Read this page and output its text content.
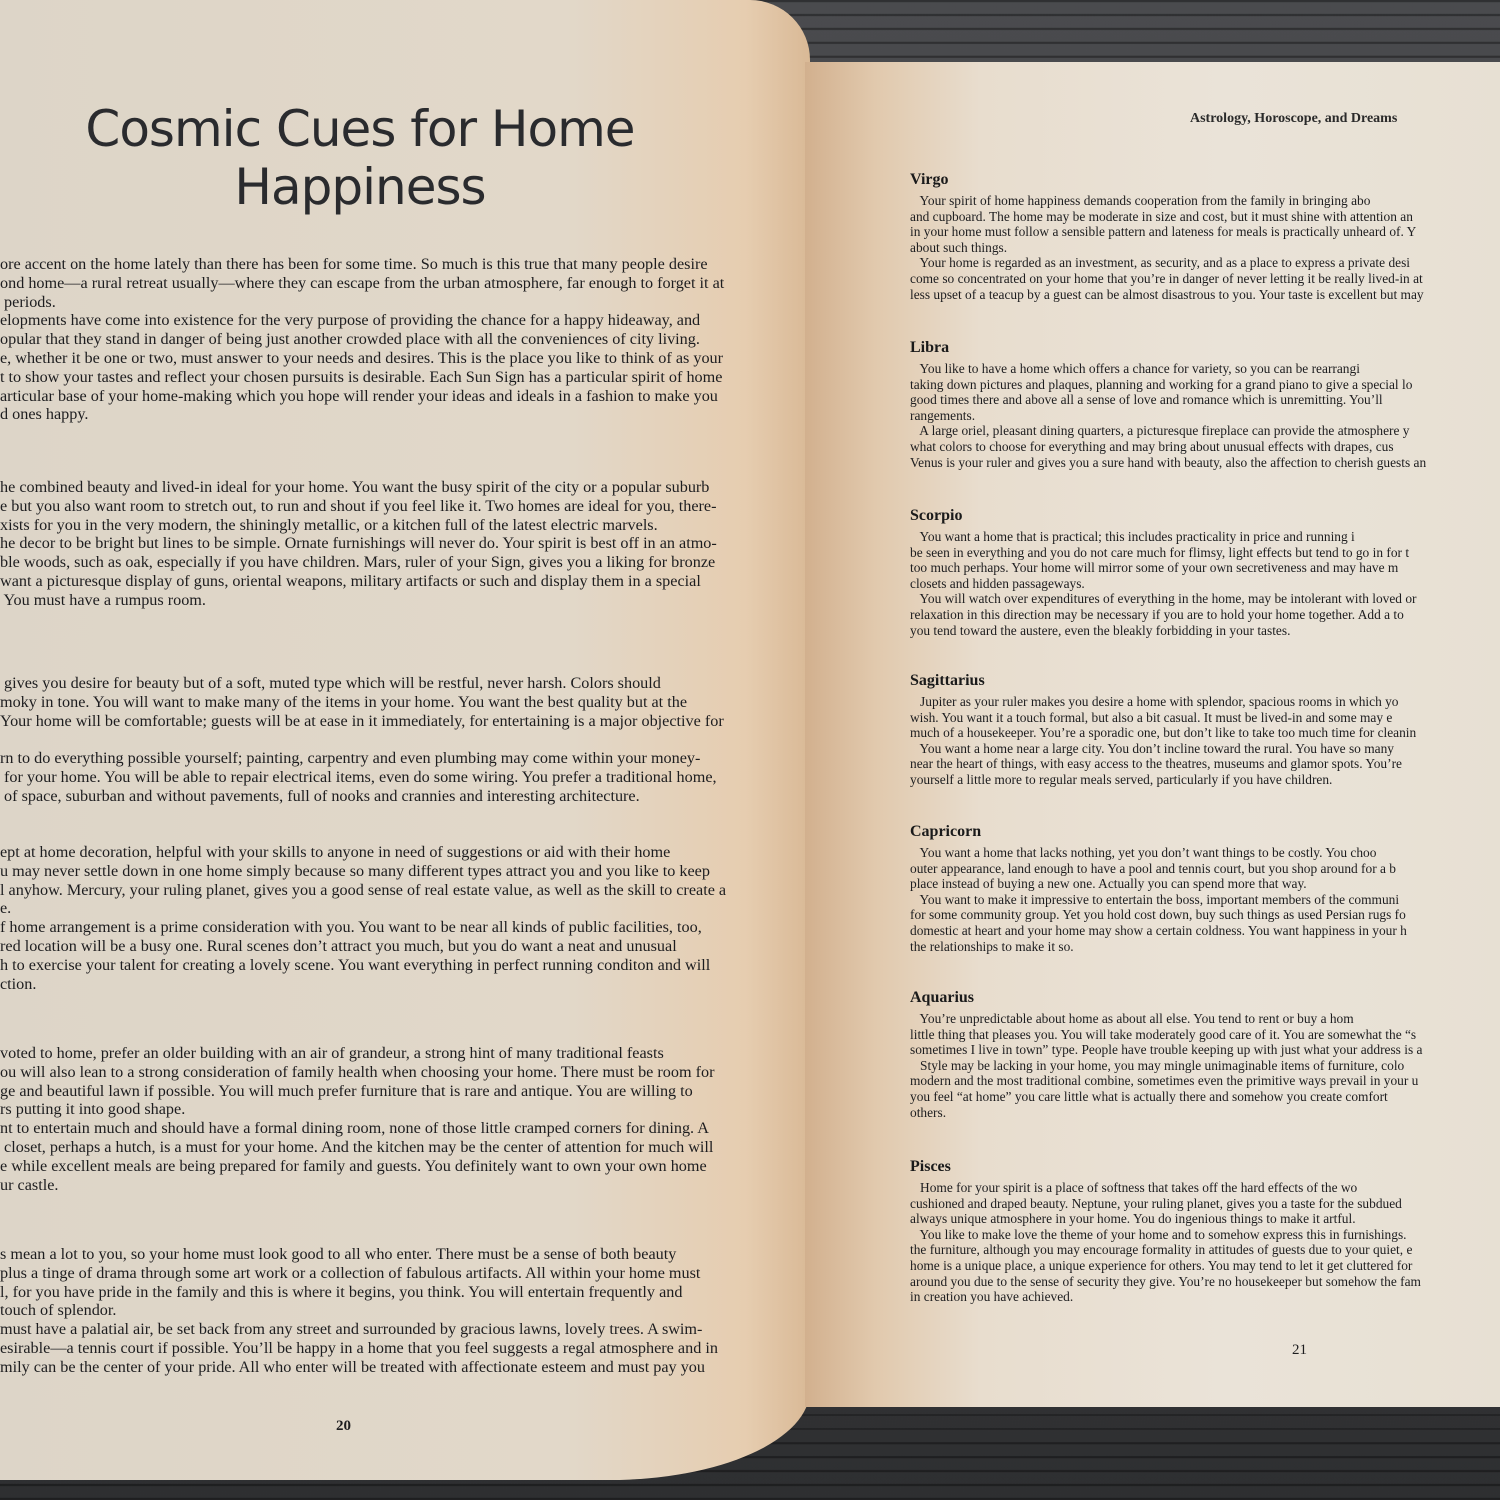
Cosmic Cues for Home
Happiness
ore accent on the home lately than there has been for some time. So much is this true that many people desire
ond home—a rural retreat usually—where they can escape from the urban atmosphere, far enough to forget it at
periods.
elopments have come into existence for the very purpose of providing the chance for a happy hideaway, and
opular that they stand in danger of being just another crowded place with all the conveniences of city living.
e, whether it be one or two, must answer to your needs and desires. This is the place you like to think of as your
t to show your tastes and reflect your chosen pursuits is desirable. Each Sun Sign has a particular spirit of home
articular base of your home-making which you hope will render your ideas and ideals in a fashion to make you
d ones happy.
he combined beauty and lived-in ideal for your home. You want the busy spirit of the city or a popular suburb
e but you also want room to stretch out, to run and shout if you feel like it. Two homes are ideal for you, there-
xists for you in the very modern, the shiningly metallic, or a kitchen full of the latest electric marvels.
he decor to be bright but lines to be simple. Ornate furnishings will never do. Your spirit is best off in an atmo-
ble woods, such as oak, especially if you have children. Mars, ruler of your Sign, gives you a liking for bronze
want a picturesque display of guns, oriental weapons, military artifacts or such and display them in a special
You must have a rumpus room.
gives you desire for beauty but of a soft, muted type which will be restful, never harsh. Colors should
moky in tone. You will want to make many of the items in your home. You want the best quality but at the
Your home will be comfortable; guests will be at ease in it immediately, for entertaining is a major objective for

rn to do everything possible yourself; painting, carpentry and even plumbing may come within your money-
for your home. You will be able to repair electrical items, even do some wiring. You prefer a traditional home,
of space, suburban and without pavements, full of nooks and crannies and interesting architecture.
ept at home decoration, helpful with your skills to anyone in need of suggestions or aid with their home
u may never settle down in one home simply because so many different types attract you and you like to keep
l anyhow. Mercury, your ruling planet, gives you a good sense of real estate value, as well as the skill to create a
e.
f home arrangement is a prime consideration with you. You want to be near all kinds of public facilities, too,
red location will be a busy one. Rural scenes don’t attract you much, but you do want a neat and unusual
h to exercise your talent for creating a lovely scene. You want everything in perfect running conditon and will
ction.
voted to home, prefer an older building with an air of grandeur, a strong hint of many traditional feasts
ou will also lean to a strong consideration of family health when choosing your home. There must be room for
ge and beautiful lawn if possible. You will much prefer furniture that is rare and antique. You are willing to
rs putting it into good shape.
nt to entertain much and should have a formal dining room, none of those little cramped corners for dining. A
closet, perhaps a hutch, is a must for your home. And the kitchen may be the center of attention for much will
e while excellent meals are being prepared for family and guests. You definitely want to own your own home
ur castle.
s mean a lot to you, so your home must look good to all who enter. There must be a sense of both beauty
plus a tinge of drama through some art work or a collection of fabulous artifacts. All within your home must
l, for you have pride in the family and this is where it begins, you think. You will entertain frequently and
touch of splendor.
must have a palatial air, be set back from any street and surrounded by gracious lawns, lovely trees. A swim-
esirable—a tennis court if possible. You’ll be happy in a home that you feel suggests a regal atmosphere and in
mily can be the center of your pride. All who enter will be treated with affectionate esteem and must pay you
20
Astrology, Horoscope, and Dreams
Virgo
Your spirit of home happiness demands cooperation from the family in bringing abo
and cupboard. The home may be moderate in size and cost, but it must shine with attention an
in your home must follow a sensible pattern and lateness for meals is practically unheard of. Y
about such things.
Your home is regarded as an investment, as security, and as a place to express a private desi
come so concentrated on your home that you’re in danger of never letting it be really lived-in at
less upset of a teacup by a guest can be almost disastrous to you. Your taste is excellent but may
Libra
You like to have a home which offers a chance for variety, so you can be rearrangi
taking down pictures and plaques, planning and working for a grand piano to give a special lo
good times there and above all a sense of love and romance which is unremitting. You’ll
rangements.
A large oriel, pleasant dining quarters, a picturesque fireplace can provide the atmosphere y
what colors to choose for everything and may bring about unusual effects with drapes, cus
Venus is your ruler and gives you a sure hand with beauty, also the affection to cherish guests an
Scorpio
You want a home that is practical; this includes practicality in price and running i
be seen in everything and you do not care much for flimsy, light effects but tend to go in for t
too much perhaps. Your home will mirror some of your own secretiveness and may have m
closets and hidden passageways.
You will watch over expenditures of everything in the home, may be intolerant with loved or
relaxation in this direction may be necessary if you are to hold your home together. Add a to
you tend toward the austere, even the bleakly forbidding in your tastes.
Sagittarius
Jupiter as your ruler makes you desire a home with splendor, spacious rooms in which yo
wish. You want it a touch formal, but also a bit casual. It must be lived-in and some may e
much of a housekeeper. You’re a sporadic one, but don’t like to take too much time for cleanin
You want a home near a large city. You don’t incline toward the rural. You have so many
near the heart of things, with easy access to the theatres, museums and glamor spots. You’re
yourself a little more to regular meals served, particularly if you have children.
Capricorn
You want a home that lacks nothing, yet you don’t want things to be costly. You choo
outer appearance, land enough to have a pool and tennis court, but you shop around for a b
place instead of buying a new one. Actually you can spend more that way.
You want to make it impressive to entertain the boss, important members of the communi
for some community group. Yet you hold cost down, buy such things as used Persian rugs fo
domestic at heart and your home may show a certain coldness. You want happiness in your h
the relationships to make it so.
Aquarius
You’re unpredictable about home as about all else. You tend to rent or buy a hom
little thing that pleases you. You will take moderately good care of it. You are somewhat the “s
sometimes I live in town” type. People have trouble keeping up with just what your address is a
Style may be lacking in your home, you may mingle unimaginable items of furniture, colo
modern and the most traditional combine, sometimes even the primitive ways prevail in your u
you feel “at home” you care little what is actually there and somehow you create comfort
others.
Pisces
Home for your spirit is a place of softness that takes off the hard effects of the wo
cushioned and draped beauty. Neptune, your ruling planet, gives you a taste for the subdued
always unique atmosphere in your home. You do ingenious things to make it artful.
You like to make love the theme of your home and to somehow express this in furnishings.
the furniture, although you may encourage formality in attitudes of guests due to your quiet, e
home is a unique place, a unique experience for others. You may tend to let it get cluttered for
around you due to the sense of security they give. You’re no housekeeper but somehow the fam
in creation you have achieved.
21
